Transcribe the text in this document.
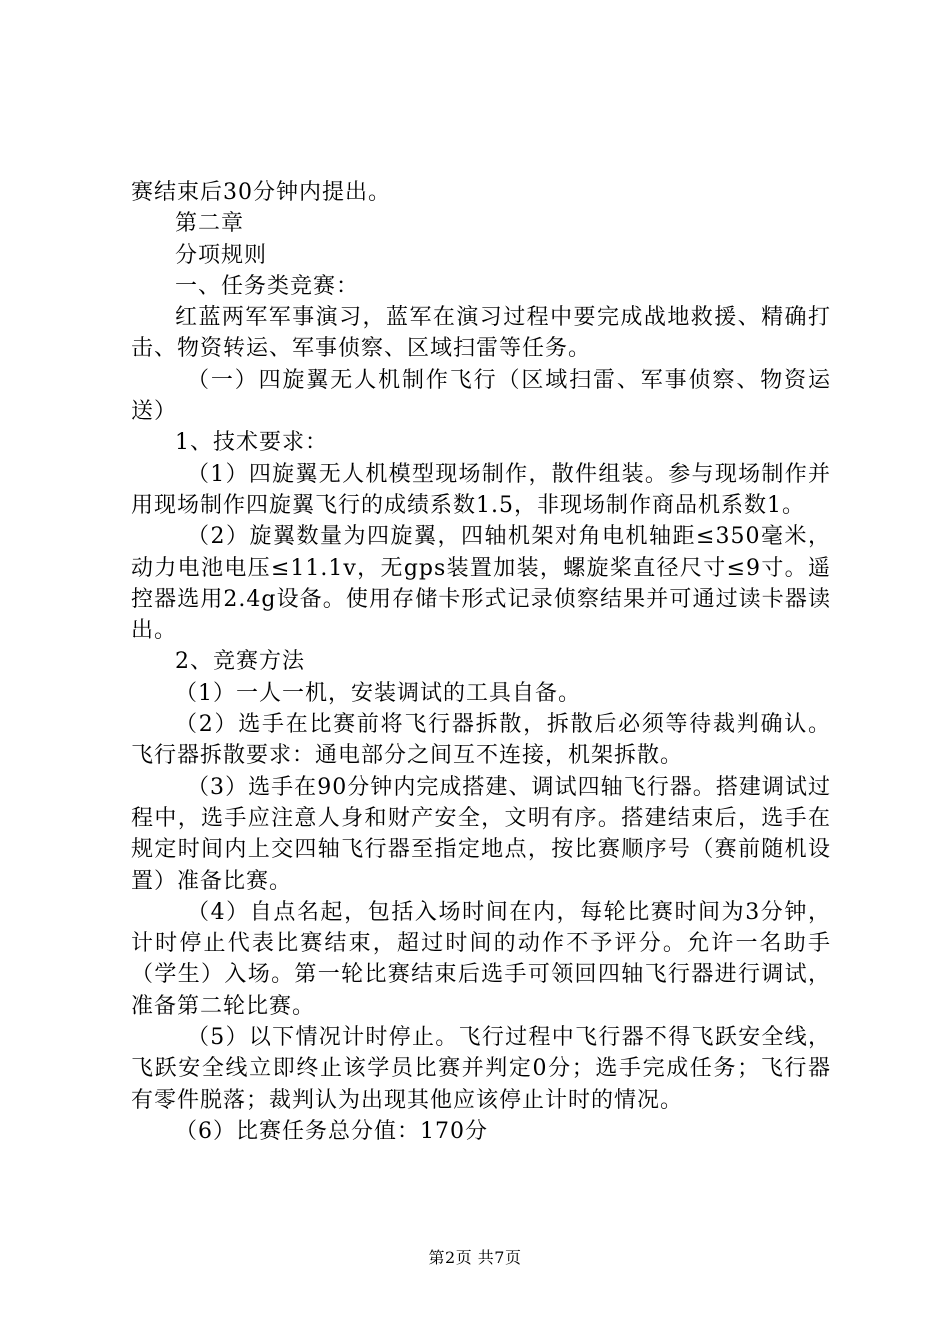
赛结束后30分钟内提出。

第二章

分项规则

一、任务类竞赛：

红蓝两军军事演习，蓝军在演习过程中要完成战地救援、精确打击、物资转运、军事侦察、区域扫雷等任务。

（一）四旋翼无人机制作飞行（区域扫雷、军事侦察、物资运送）

1、技术要求：

（1）四旋翼无人机模型现场制作，散件组装。参与现场制作并用现场制作四旋翼飞行的成绩系数1.5，非现场制作商品机系数1。

（2）旋翼数量为四旋翼，四轴机架对角电机轴距≤350毫米，动力电池电压≤11.1v，无gps装置加装，螺旋桨直径尺寸≤9寸。遥控器选用2.4g设备。使用存储卡形式记录侦察结果并可通过读卡器读出。

2、竞赛方法

（1）一人一机，安装调试的工具自备。

（2）选手在比赛前将飞行器拆散，拆散后必须等待裁判确认。飞行器拆散要求：通电部分之间互不连接，机架拆散。

（3）选手在90分钟内完成搭建、调试四轴飞行器。搭建调试过程中，选手应注意人身和财产安全，文明有序。搭建结束后，选手在规定时间内上交四轴飞行器至指定地点，按比赛顺序号（赛前随机设置）准备比赛。

（4）自点名起，包括入场时间在内，每轮比赛时间为3分钟，计时停止代表比赛结束，超过时间的动作不予评分。允许一名助手（学生）入场。第一轮比赛结束后选手可领回四轴飞行器进行调试，准备第二轮比赛。

（5）以下情况计时停止。飞行过程中飞行器不得飞跃安全线，飞跃安全线立即终止该学员比赛并判定0分；选手完成任务；飞行器有零件脱落；裁判认为出现其他应该停止计时的情况。

（6）比赛任务总分值：170分

第2页 共7页
